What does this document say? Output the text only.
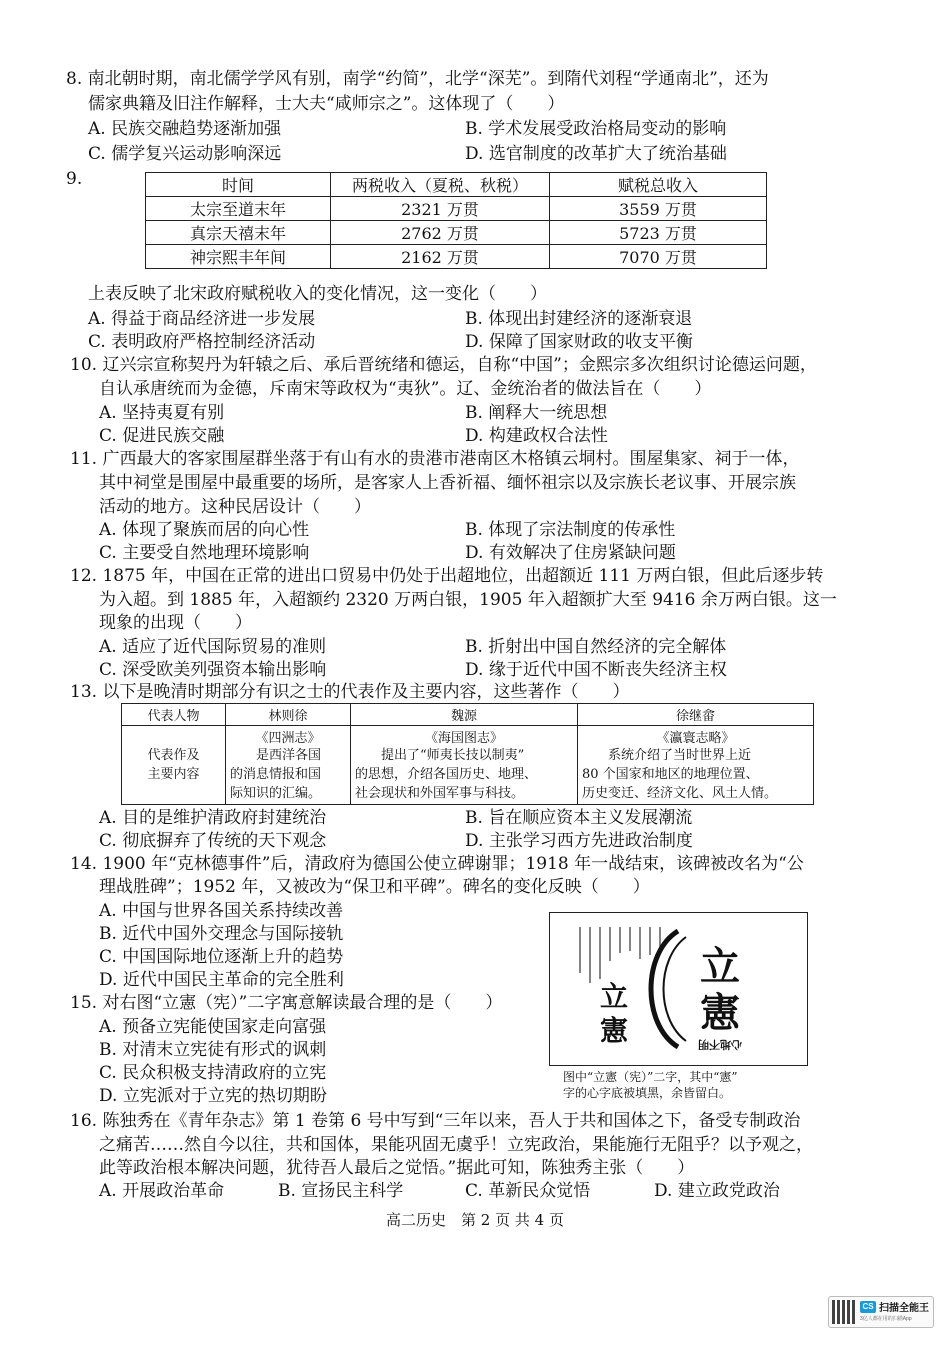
8. 南北朝时期，南北儒学学风有别，南学“约简”，北学“深芜”。到隋代刘程“学通南北”，还为
儒家典籍及旧注作解释，士大夫“咸师宗之”。这体现了（　　）
A. 民族交融趋势逐渐加强	B. 学术发展受政治格局变动的影响
C. 儒学复兴运动影响深远	D. 选官制度的改革扩大了统治基础
9.	时间	两税收入（夏税、秋税）	赋税总收入
太宗至道末年	2321 万贯	3559 万贯
真宗天禧末年	2762 万贯	5723 万贯
神宗熙丰年间	2162 万贯	7070 万贯
上表反映了北宋政府赋税收入的变化情况，这一变化（　　）
A. 得益于商品经济进一步发展	B. 体现出封建经济的逐渐衰退
C. 表明政府严格控制经济活动	D. 保障了国家财政的收支平衡
10. 辽兴宗宣称契丹为轩辕之后、承后晋统绪和德运，自称“中国”；金熙宗多次组织讨论德运问题，
自认承唐统而为金德，斥南宋等政权为“夷狄”。辽、金统治者的做法旨在（　　）
A. 坚持夷夏有别	B. 阐释大一统思想
C. 促进民族交融	D. 构建政权合法性
11. 广西最大的客家围屋群坐落于有山有水的贵港市港南区木格镇云垌村。围屋集家、祠于一体，
其中祠堂是围屋中最重要的场所，是客家人上香祈福、缅怀祖宗以及宗族长老议事、开展宗族
活动的地方。这种民居设计（　　）
A. 体现了聚族而居的向心性	B. 体现了宗法制度的传承性
C. 主要受自然地理环境影响	D. 有效解决了住房紧缺问题
12. 1875 年，中国在正常的进出口贸易中仍处于出超地位，出超额近 111 万两白银，但此后逐步转
为入超。到 1885 年，入超额约 2320 万两白银，1905 年入超额扩大至 9416 余万两白银。这一
现象的出现（　　）
A. 适应了近代国际贸易的准则	B. 折射出中国自然经济的完全解体
C. 深受欧美列强资本输出影响	D. 缘于近代中国不断丧失经济主权
13. 以下是晚清时期部分有识之士的代表作及主要内容，这些著作（　　）
代表人物	林则徐	魏源	徐继畲

代表作及
主要内容	《四洲志》
　　是西洋各国
的消息情报和国
际知识的汇编。	《海国图志》
　　提出了“师夷长技以制夷”
的思想，介绍各国历史、地理、
社会现状和外国军事与科技。	《瀛寰志略》
　　系统介绍了当时世界上近
80 个国家和地区的地理位置、
历史变迁、经济文化、风土人情。
A. 目的是维护清政府封建统治	B. 旨在顺应资本主义发展潮流
C. 彻底摒弃了传统的天下观念	D. 主张学习西方先进政治制度
14. 1900 年“克林德事件”后，清政府为德国公使立碑谢罪；1918 年一战结束，该碑被改名为“公
理战胜碑”；1952 年，又被改为“保卫和平碑”。碑名的变化反映（　　）
A. 中国与世界各国关系持续改善
B. 近代中国外交理念与国际接轨
C. 中国国际地位逐渐上升的趋势
D. 近代中国民主革命的完全胜利
15. 对右图“立憲（宪）”二字寓意解读最合理的是（　　）
A. 预备立宪能使国家走向富强
B. 对清末立宪徒有形式的讽刺
C. 民众积极支持清政府的立宪
D. 立宪派对于立宪的热切期盼
立
憲
立
憲
心地不明
图中“立憲（宪）”二字，其中“憲”
字的心字底被填黑，余皆留白。
16. 陈独秀在《青年杂志》第 1 卷第 6 号中写到“三年以来，吾人于共和国体之下，备受专制政治
之痛苦……然自今以往，共和国体，果能巩固无虞乎！立宪政治，果能施行无阻乎？以予观之，
此等政治根本解决问题，犹待吾人最后之觉悟。”据此可知，陈独秀主张（　　）
A. 开展政治革命	B. 宣扬民主科学	C. 革新民众觉悟	D. 建立政党政治
高二历史　第 2 页 共 4 页
CS 扫描全能王
3亿人都在用的扫描App
